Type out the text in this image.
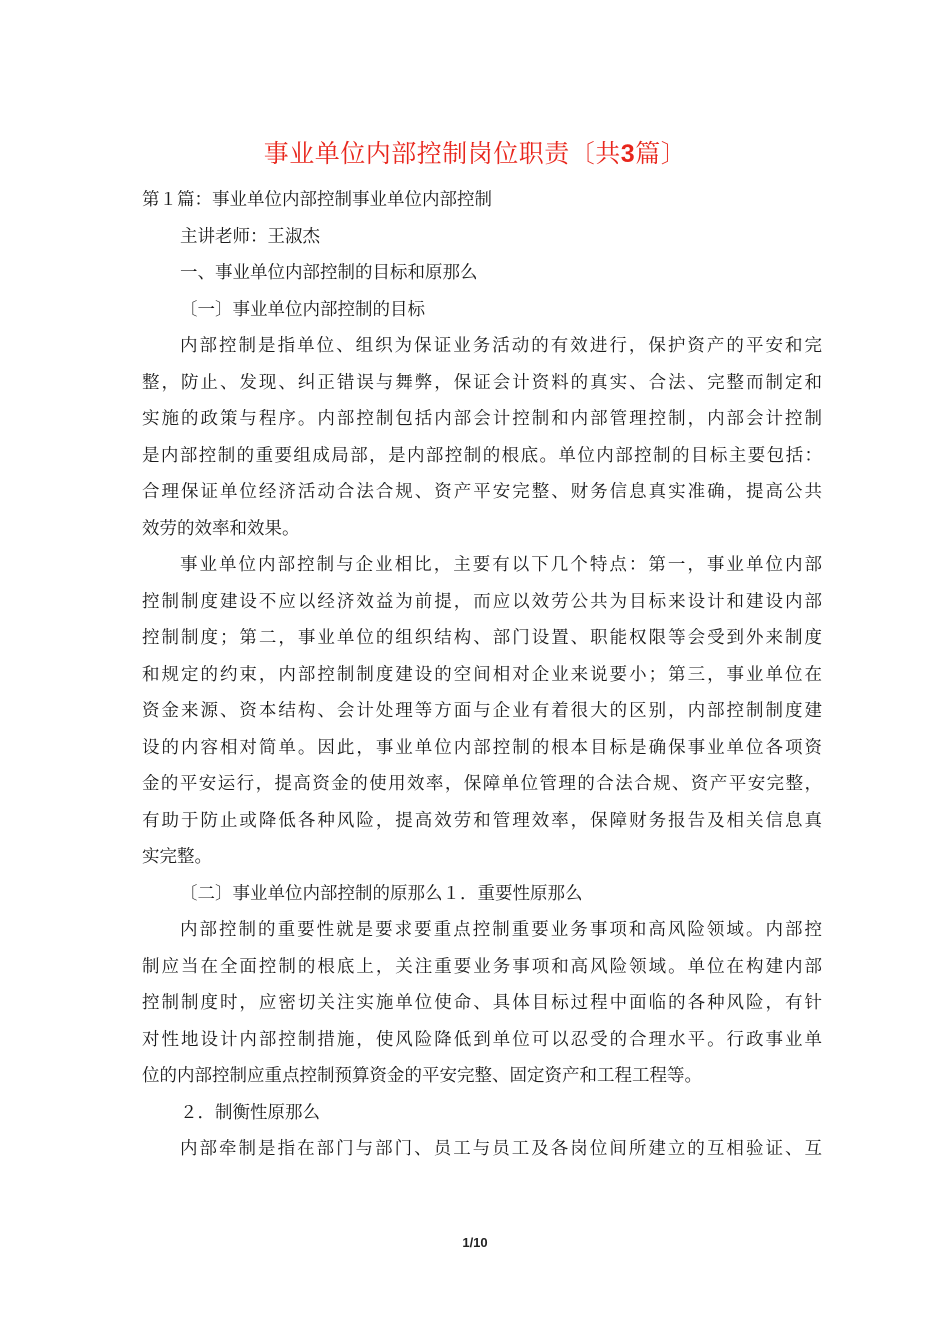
事业单位内部控制岗位职责〔共3篇〕
第１篇：事业单位内部控制事业单位内部控制
主讲老师：王淑杰
一、事业单位内部控制的目标和原那么
〔一〕事业单位内部控制的目标
内部控制是指单位、组织为保证业务活动的有效进行，保护资产的平安和完
整，防止、发现、纠正错误与舞弊，保证会计资料的真实、合法、完整而制定和
实施的政策与程序。内部控制包括内部会计控制和内部管理控制，内部会计控制
是内部控制的重要组成局部，是内部控制的根底。单位内部控制的目标主要包括：
合理保证单位经济活动合法合规、资产平安完整、财务信息真实准确，提高公共
效劳的效率和效果。
事业单位内部控制与企业相比，主要有以下几个特点：第一，事业单位内部
控制制度建设不应以经济效益为前提，而应以效劳公共为目标来设计和建设内部
控制制度；第二，事业单位的组织结构、部门设置、职能权限等会受到外来制度
和规定的约束，内部控制制度建设的空间相对企业来说要小；第三，事业单位在
资金来源、资本结构、会计处理等方面与企业有着很大的区别，内部控制制度建
设的内容相对简单。因此，事业单位内部控制的根本目标是确保事业单位各项资
金的平安运行，提高资金的使用效率，保障单位管理的合法合规、资产平安完整，
有助于防止或降低各种风险，提高效劳和管理效率，保障财务报告及相关信息真
实完整。
〔二〕事业单位内部控制的原那么１．重要性原那么
内部控制的重要性就是要求要重点控制重要业务事项和高风险领域。内部控
制应当在全面控制的根底上，关注重要业务事项和高风险领域。单位在构建内部
控制制度时，应密切关注实施单位使命、具体目标过程中面临的各种风险，有针
对性地设计内部控制措施，使风险降低到单位可以忍受的合理水平。行政事业单
位的内部控制应重点控制预算资金的平安完整、固定资产和工程工程等。
２．制衡性原那么
内部牵制是指在部门与部门、员工与员工及各岗位间所建立的互相验证、互
1/10
